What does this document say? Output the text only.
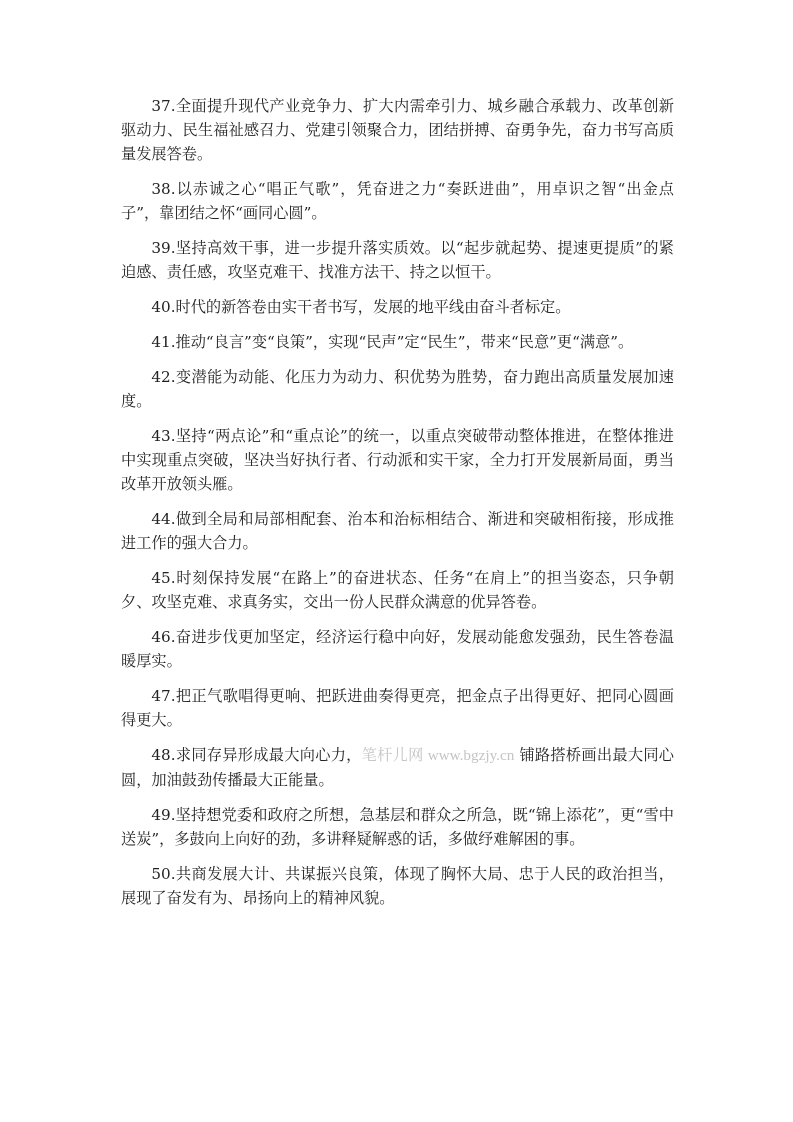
37.全面提升现代产业竞争力、扩大内需牵引力、城乡融合承载力、改革创新驱动力、民生福祉感召力、党建引领聚合力，团结拼搏、奋勇争先，奋力书写高质量发展答卷。

38.以赤诚之心“唱正气歌”，凭奋进之力“奏跃进曲”，用卓识之智“出金点子”，靠团结之怀“画同心圆”。

39.坚持高效干事，进一步提升落实质效。以“起步就起势、提速更提质”的紧迫感、责任感，攻坚克难干、找准方法干、持之以恒干。

40.时代的新答卷由实干者书写，发展的地平线由奋斗者标定。

41.推动“良言”变“良策”，实现“民声”定“民生”，带来“民意”更“满意”。

42.变潜能为动能、化压力为动力、积优势为胜势，奋力跑出高质量发展加速度。

43.坚持“两点论”和“重点论”的统一，以重点突破带动整体推进，在整体推进中实现重点突破，坚决当好执行者、行动派和实干家，全力打开发展新局面，勇当改革开放领头雁。

44.做到全局和局部相配套、治本和治标相结合、渐进和突破相衔接，形成推进工作的强大合力。

45.时刻保持发展“在路上”的奋进状态、任务“在肩上”的担当姿态，只争朝夕、攻坚克难、求真务实，交出一份人民群众满意的优异答卷。

46.奋进步伐更加坚定，经济运行稳中向好，发展动能愈发强劲，民生答卷温暖厚实。

47.把正气歌唱得更响、把跃进曲奏得更亮，把金点子出得更好、把同心圆画得更大。

48.求同存异形成最大向心力，笔杆儿网 www.bgzjy.cn 铺路搭桥画出最大同心圆，加油鼓劲传播最大正能量。

49.坚持想党委和政府之所想，急基层和群众之所急，既“锦上添花”，更“雪中送炭”，多鼓向上向好的劲，多讲释疑解惑的话，多做纾难解困的事。

50.共商发展大计、共谋振兴良策，体现了胸怀大局、忠于人民的政治担当，展现了奋发有为、昂扬向上的精神风貌。
